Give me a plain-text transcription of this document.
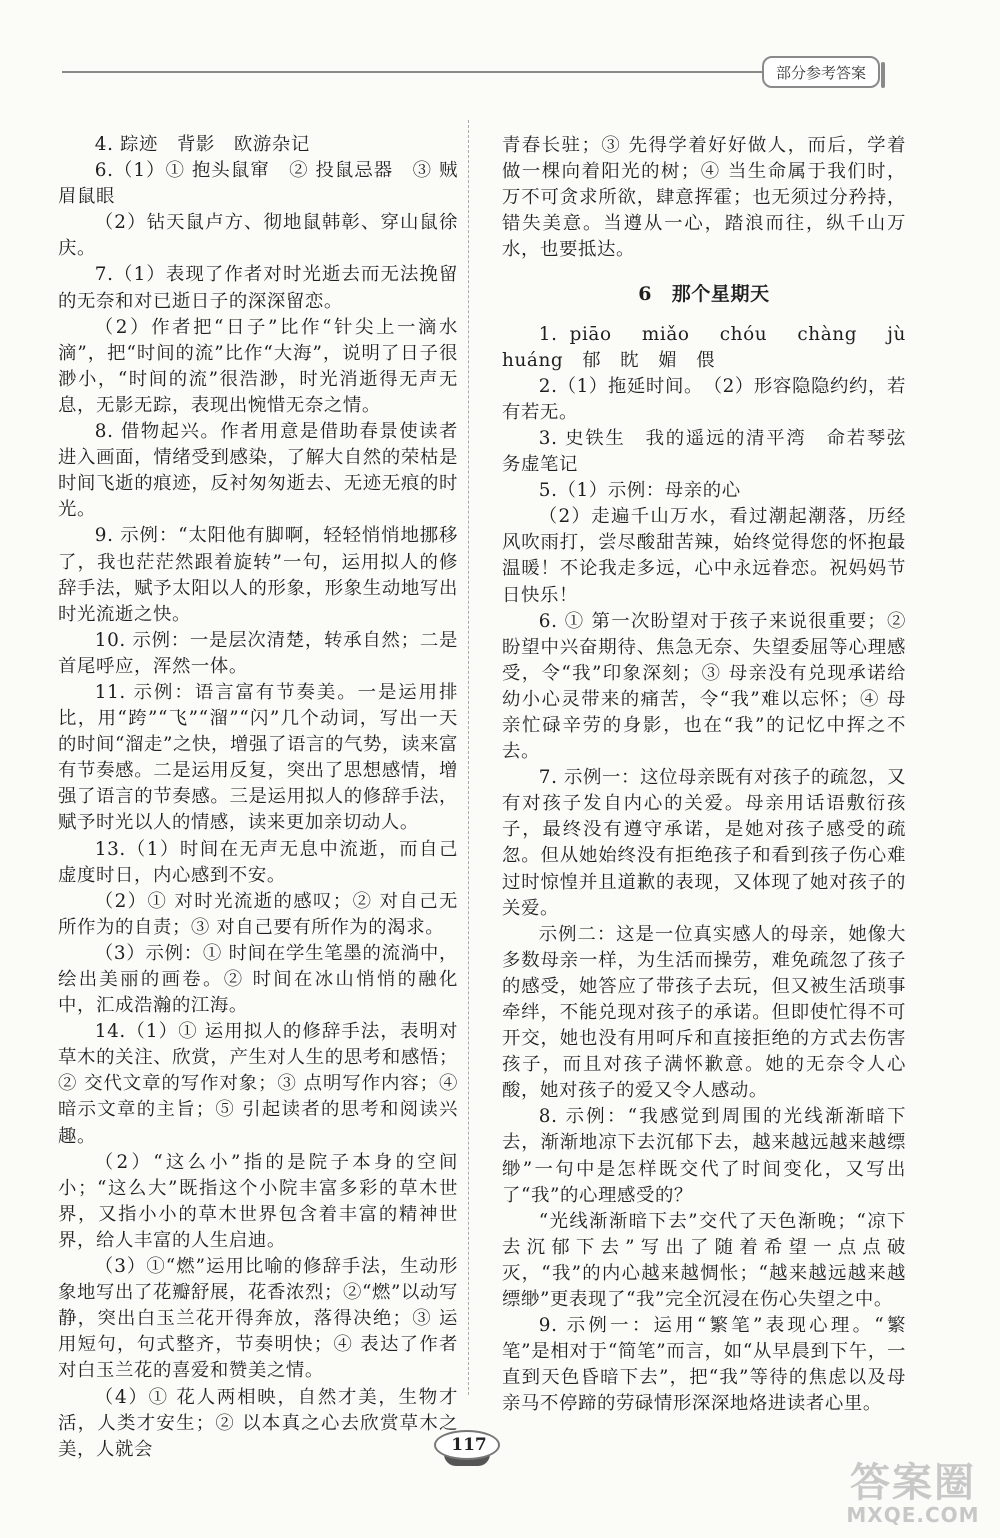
部分参考答案

4. 踪迹　背影　欧游杂记

6.（1）① 抱头鼠窜　② 投鼠忌器　③ 贼眉鼠眼

（2）钻天鼠卢方、彻地鼠韩彰、穿山鼠徐庆。

7.（1）表现了作者对时光逝去而无法挽留的无奈和对已逝日子的深深留恋。

（2）作者把“日子”比作“针尖上一滴水滴”，把“时间的流”比作“大海”，说明了日子很渺小，“时间的流”很浩渺，时光消逝得无声无息，无影无踪，表现出惋惜无奈之情。

8. 借物起兴。作者用意是借助春景使读者进入画面，情绪受到感染，了解大自然的荣枯是时间飞逝的痕迹，反衬匆匆逝去、无迹无痕的时光。

9. 示例：“太阳他有脚啊，轻轻悄悄地挪移了，我也茫茫然跟着旋转”一句，运用拟人的修辞手法，赋予太阳以人的形象，形象生动地写出时光流逝之快。

10. 示例：一是层次清楚，转承自然；二是首尾呼应，浑然一体。

11. 示例：语言富有节奏美。一是运用排比，用“跨”“飞”“溜”“闪”几个动词，写出一天的时间“溜走”之快，增强了语言的气势，读来富有节奏感。二是运用反复，突出了思想感情，增强了语言的节奏感。三是运用拟人的修辞手法，赋予时光以人的情感，读来更加亲切动人。

13.（1）时间在无声无息中流逝，而自己虚度时日，内心感到不安。

（2）① 对时光流逝的感叹；② 对自己无所作为的自责；③ 对自己要有所作为的渴求。

（3）示例：① 时间在学生笔墨的流淌中，绘出美丽的画卷。② 时间在冰山悄悄的融化中，汇成浩瀚的江海。

14.（1）① 运用拟人的修辞手法，表明对草木的关注、欣赏，产生对人生的思考和感悟；② 交代文章的写作对象；③ 点明写作内容；④ 暗示文章的主旨；⑤ 引起读者的思考和阅读兴趣。

（2）“这么小”指的是院子本身的空间小；“这么大”既指这个小院丰富多彩的草木世界，又指小小的草木世界包含着丰富的精神世界，给人丰富的人生启迪。

（3）①“燃”运用比喻的修辞手法，生动形象地写出了花瓣舒展，花香浓烈；②“燃”以动写静，突出白玉兰花开得奔放，落得决绝；③ 运用短句，句式整齐，节奏明快；④ 表达了作者对白玉兰花的喜爱和赞美之情。

（4）① 花人两相映，自然才美，生物才活，人类才安生；② 以本真之心去欣赏草木之美，人就会

青春长驻；③ 先得学着好好做人，而后，学着做一棵向着阳光的树；④ 当生命属于我们时，万不可贪求所欲，肆意挥霍；也无须过分矜持，错失美意。当遵从一心，踏浪而往，纵千山万水，也要抵达。

6　那个星期天

1. piāo　miǎo　chóu　chàng　jù　huáng　郁　眈　媚　偎

2.（1）拖延时间。　（2）形容隐隐约约，若有若无。

3. 史铁生　我的遥远的清平湾　命若琴弦　务虚笔记

5.（1）示例：母亲的心

（2）走遍千山万水，看过潮起潮落，历经风吹雨打，尝尽酸甜苦辣，始终觉得您的怀抱最温暖！不论我走多远，心中永远眷恋。祝妈妈节日快乐！

6. ① 第一次盼望对于孩子来说很重要；② 盼望中兴奋期待、焦急无奈、失望委屈等心理感受，令“我”印象深刻；③ 母亲没有兑现承诺给幼小心灵带来的痛苦，令“我”难以忘怀；④ 母亲忙碌辛劳的身影，也在“我”的记忆中挥之不去。

7. 示例一：这位母亲既有对孩子的疏忽，又有对孩子发自内心的关爱。母亲用话语敷衍孩子，最终没有遵守承诺，是她对孩子感受的疏忽。但从她始终没有拒绝孩子和看到孩子伤心难过时惊惶并且道歉的表现，又体现了她对孩子的关爱。

示例二：这是一位真实感人的母亲，她像大多数母亲一样，为生活而操劳，难免疏忽了孩子的感受，她答应了带孩子去玩，但又被生活琐事牵绊，不能兑现对孩子的承诺。但即使忙得不可开交，她也没有用呵斥和直接拒绝的方式去伤害孩子，而且对孩子满怀歉意。她的无奈令人心酸，她对孩子的爱又令人感动。

8. 示例：“我感觉到周围的光线渐渐暗下去，渐渐地凉下去沉郁下去，越来越远越来越缥缈”一句中是怎样既交代了时间变化，又写出了“我”的心理感受的？

“光线渐渐暗下去”交代了天色渐晚；“凉下去沉郁下去”写出了随着希望一点点破灭，“我”的内心越来越惆怅；“越来越远越来越缥缈”更表现了“我”完全沉浸在伤心失望之中。

9. 示例一：运用“繁笔”表现心理。“繁笔”是相对于“简笔”而言，如“从早晨到下午，一直到天色昏暗下去”，把“我”等待的焦虑以及母亲马不停蹄的劳碌情形深深地烙进读者心里。

117
答案圈
MXQE.COM
